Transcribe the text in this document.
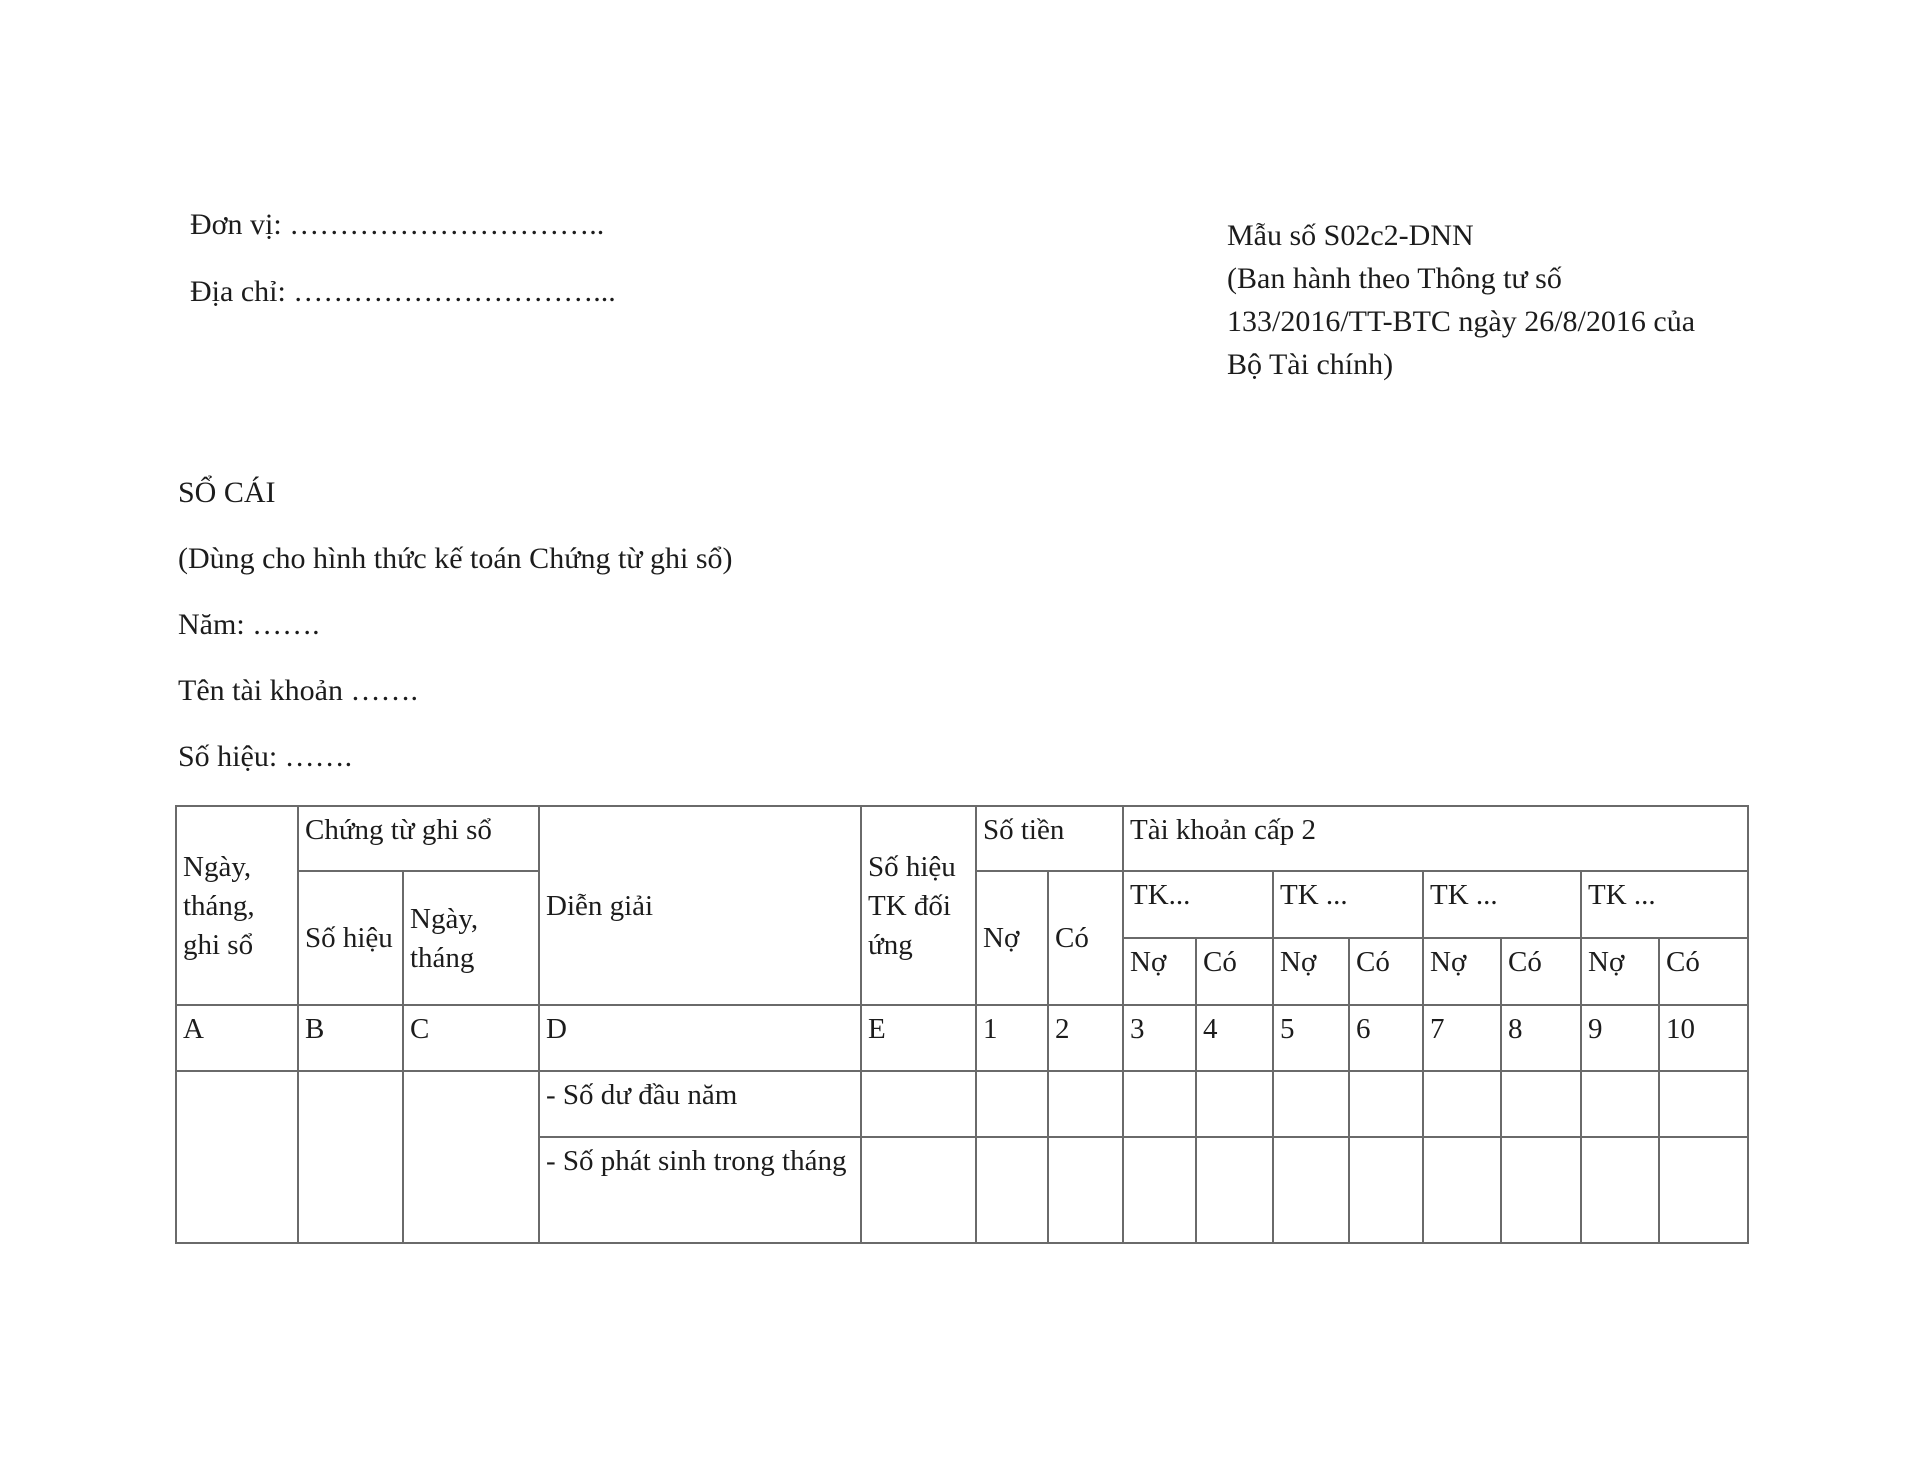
Đơn vị: …………………………..

Địa chỉ: …………………………...

Mẫu số S02c2-DNN
(Ban hành theo Thông tư số
133/2016/TT-BTC ngày 26/8/2016 của
Bộ Tài chính)

SỔ CÁI

(Dùng cho hình thức kế toán Chứng từ ghi sổ)

Năm: …….

Tên tài khoản …….

Số hiệu: …….

Ngày, tháng, ghi sổ	Chứng từ ghi sổ		Diễn giải	Số hiệu TK đối ứng	Số tiền		Tài khoản cấp 2							
	Số hiệu	Ngày, tháng			Nợ	Có	TK...		TK ...		TK ...		TK ...	
							Nợ	Có	Nợ	Có	Nợ	Có	Nợ	Có
A	B	C	D	E	1	2	3	4	5	6	7	8	9	10
			- Số dư đầu năm											
			- Số phát sinh trong tháng											
